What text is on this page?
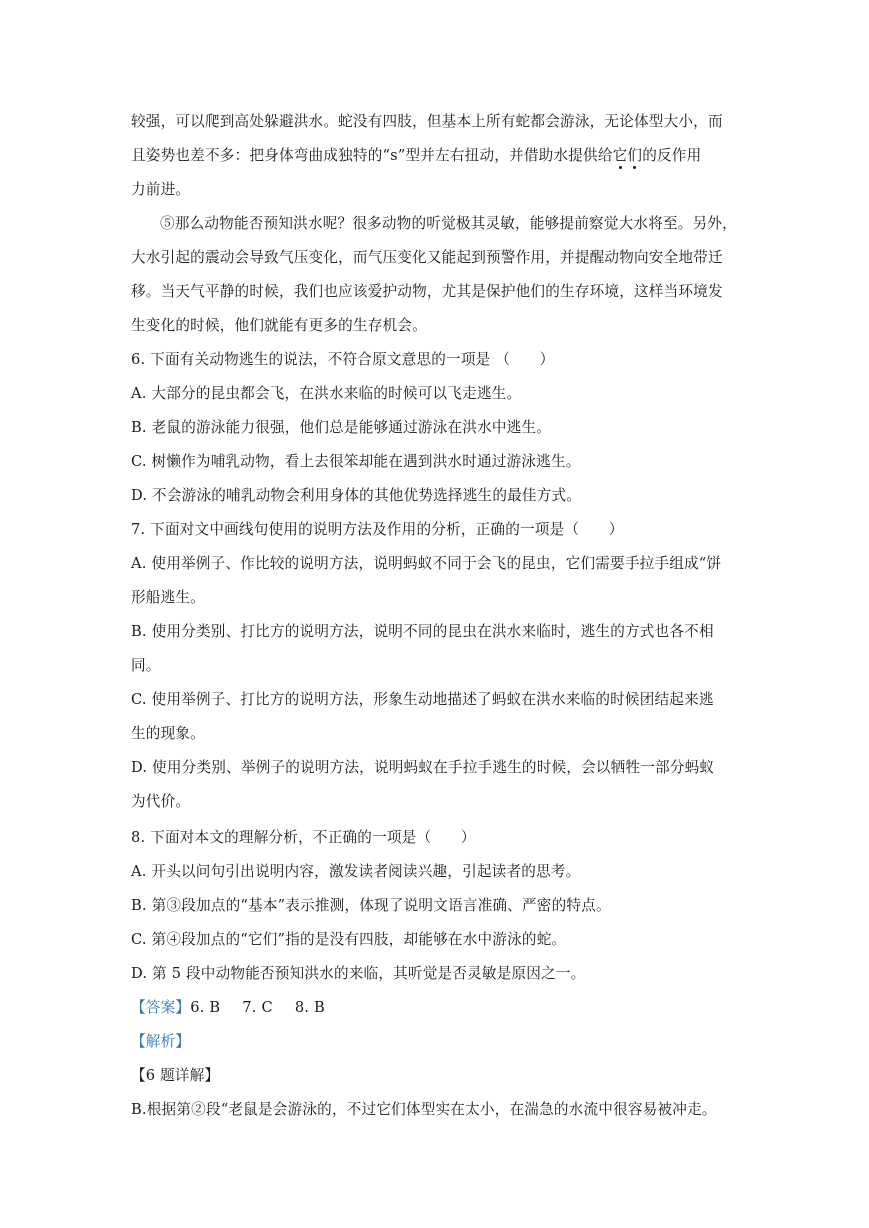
较强，可以爬到高处躲避洪水。蛇没有四肢，但基本上所有蛇都会游泳，无论体型大小，而
且姿势也差不多：把身体弯曲成独特的“s”型并左右扭动，并借助水提供给它们的反作用
力前进。
⑤那么动物能否预知洪水呢？很多动物的听觉极其灵敏，能够提前察觉大水将至。另外，
大水引起的震动会导致气压变化，而气压变化又能起到预警作用，并提醒动物向安全地带迁
移。当天气平静的时候，我们也应该爱护动物，尤其是保护他们的生存环境，这样当环境发
生变化的时候，他们就能有更多的生存机会。
6. 下面有关动物逃生的说法，不符合原文意思的一项是 （　　）
A. 大部分的昆虫都会飞，在洪水来临的时候可以飞走逃生。
B. 老鼠的游泳能力很强，他们总是能够通过游泳在洪水中逃生。
C. 树懒作为哺乳动物，看上去很笨却能在遇到洪水时通过游泳逃生。
D. 不会游泳的哺乳动物会利用身体的其他优势选择逃生的最佳方式。
7. 下面对文中画线句使用的说明方法及作用的分析，正确的一项是（　　）
A. 使用举例子、作比较的说明方法，说明蚂蚁不同于会飞的昆虫，它们需要手拉手组成“饼
形船逃生。
B. 使用分类别、打比方的说明方法，说明不同的昆虫在洪水来临时，逃生的方式也各不相
同。
C. 使用举例子、打比方的说明方法，形象生动地描述了蚂蚁在洪水来临的时候团结起来逃
生的现象。
D. 使用分类别、举例子的说明方法，说明蚂蚁在手拉手逃生的时候，会以牺牲一部分蚂蚁
为代价。
8. 下面对本文的理解分析，不正确的一项是（　　）
A. 开头以问句引出说明内容，激发读者阅读兴趣，引起读者的思考。
B. 第③段加点的“基本”表示推测，体现了说明文语言准确、严密的特点。
C. 第④段加点的“它们”指的是没有四肢，却能够在水中游泳的蛇。
D. 第 5 段中动物能否预知洪水的来临，其听觉是否灵敏是原因之一。
【答案】6. B 7. C 8. B
【解析】
【6 题详解】
B.根据第②段“老鼠是会游泳的，不过它们体型实在太小，在湍急的水流中很容易被冲走。
